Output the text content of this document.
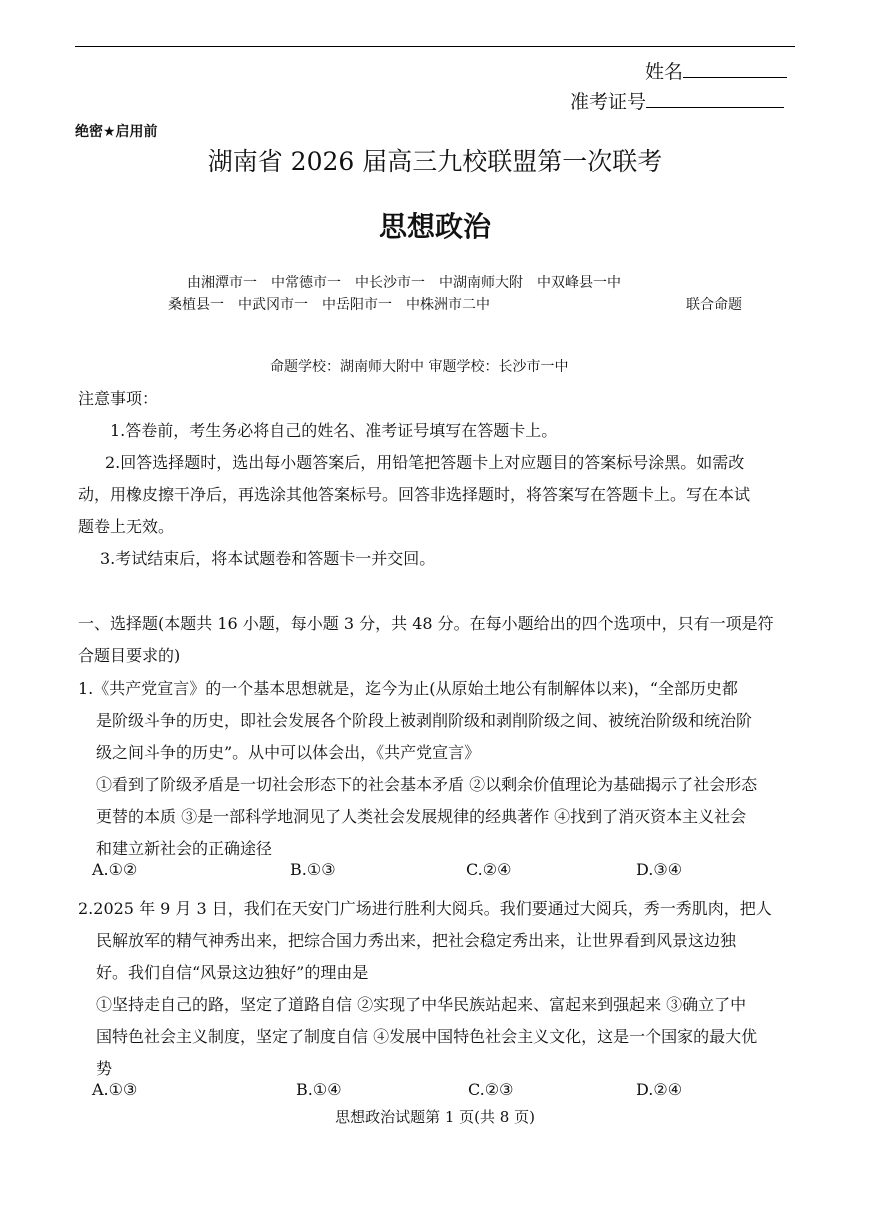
姓名
准考证号
绝密★启用前
湖南省 2026 届高三九校联盟第一次联考
思想政治
由湘潭市一　中常德市一　中长沙市一　中湖南师大附　中双峰县一中
桑植县一　中武冈市一　中岳阳市一　中株洲市二中	联合命题
命题学校：湖南师大附中 审题学校：长沙市一中
注意事项：
1.答卷前，考生务必将自己的姓名、准考证号填写在答题卡上。
2.回答选择题时，选出每小题答案后，用铅笔把答题卡上对应题目的答案标号涂黑。如需改
动，用橡皮擦干净后，再选涂其他答案标号。回答非选择题时，将答案写在答题卡上。写在本试
题卷上无效。
3.考试结束后，将本试题卷和答题卡一并交回。
一、选择题(本题共 16 小题，每小题 3 分，共 48 分。在每小题给出的四个选项中，只有一项是符
合题目要求的)
1.《共产党宣言》的一个基本思想就是，迄今为止(从原始土地公有制解体以来)，“全部历史都
是阶级斗争的历史，即社会发展各个阶段上被剥削阶级和剥削阶级之间、被统治阶级和统治阶
级之间斗争的历史”。从中可以体会出，《共产党宣言》
①看到了阶级矛盾是一切社会形态下的社会基本矛盾 ②以剩余价值理论为基础揭示了社会形态
更替的本质 ③是一部科学地洞见了人类社会发展规律的经典著作 ④找到了消灭资本主义社会
和建立新社会的正确途径
A.①②	B.①③	C.②④	D.③④
2.2025 年 9 月 3 日，我们在天安门广场进行胜利大阅兵。我们要通过大阅兵，秀一秀肌肉，把人
民解放军的精气神秀出来，把综合国力秀出来，把社会稳定秀出来，让世界看到风景这边独
好。我们自信“风景这边独好”的理由是
①坚持走自己的路，坚定了道路自信 ②实现了中华民族站起来、富起来到强起来 ③确立了中
国特色社会主义制度，坚定了制度自信 ④发展中国特色社会主义文化，这是一个国家的最大优
势
A.①③	B.①④	C.②③	D.②④
思想政治试题第 1 页(共 8 页)
